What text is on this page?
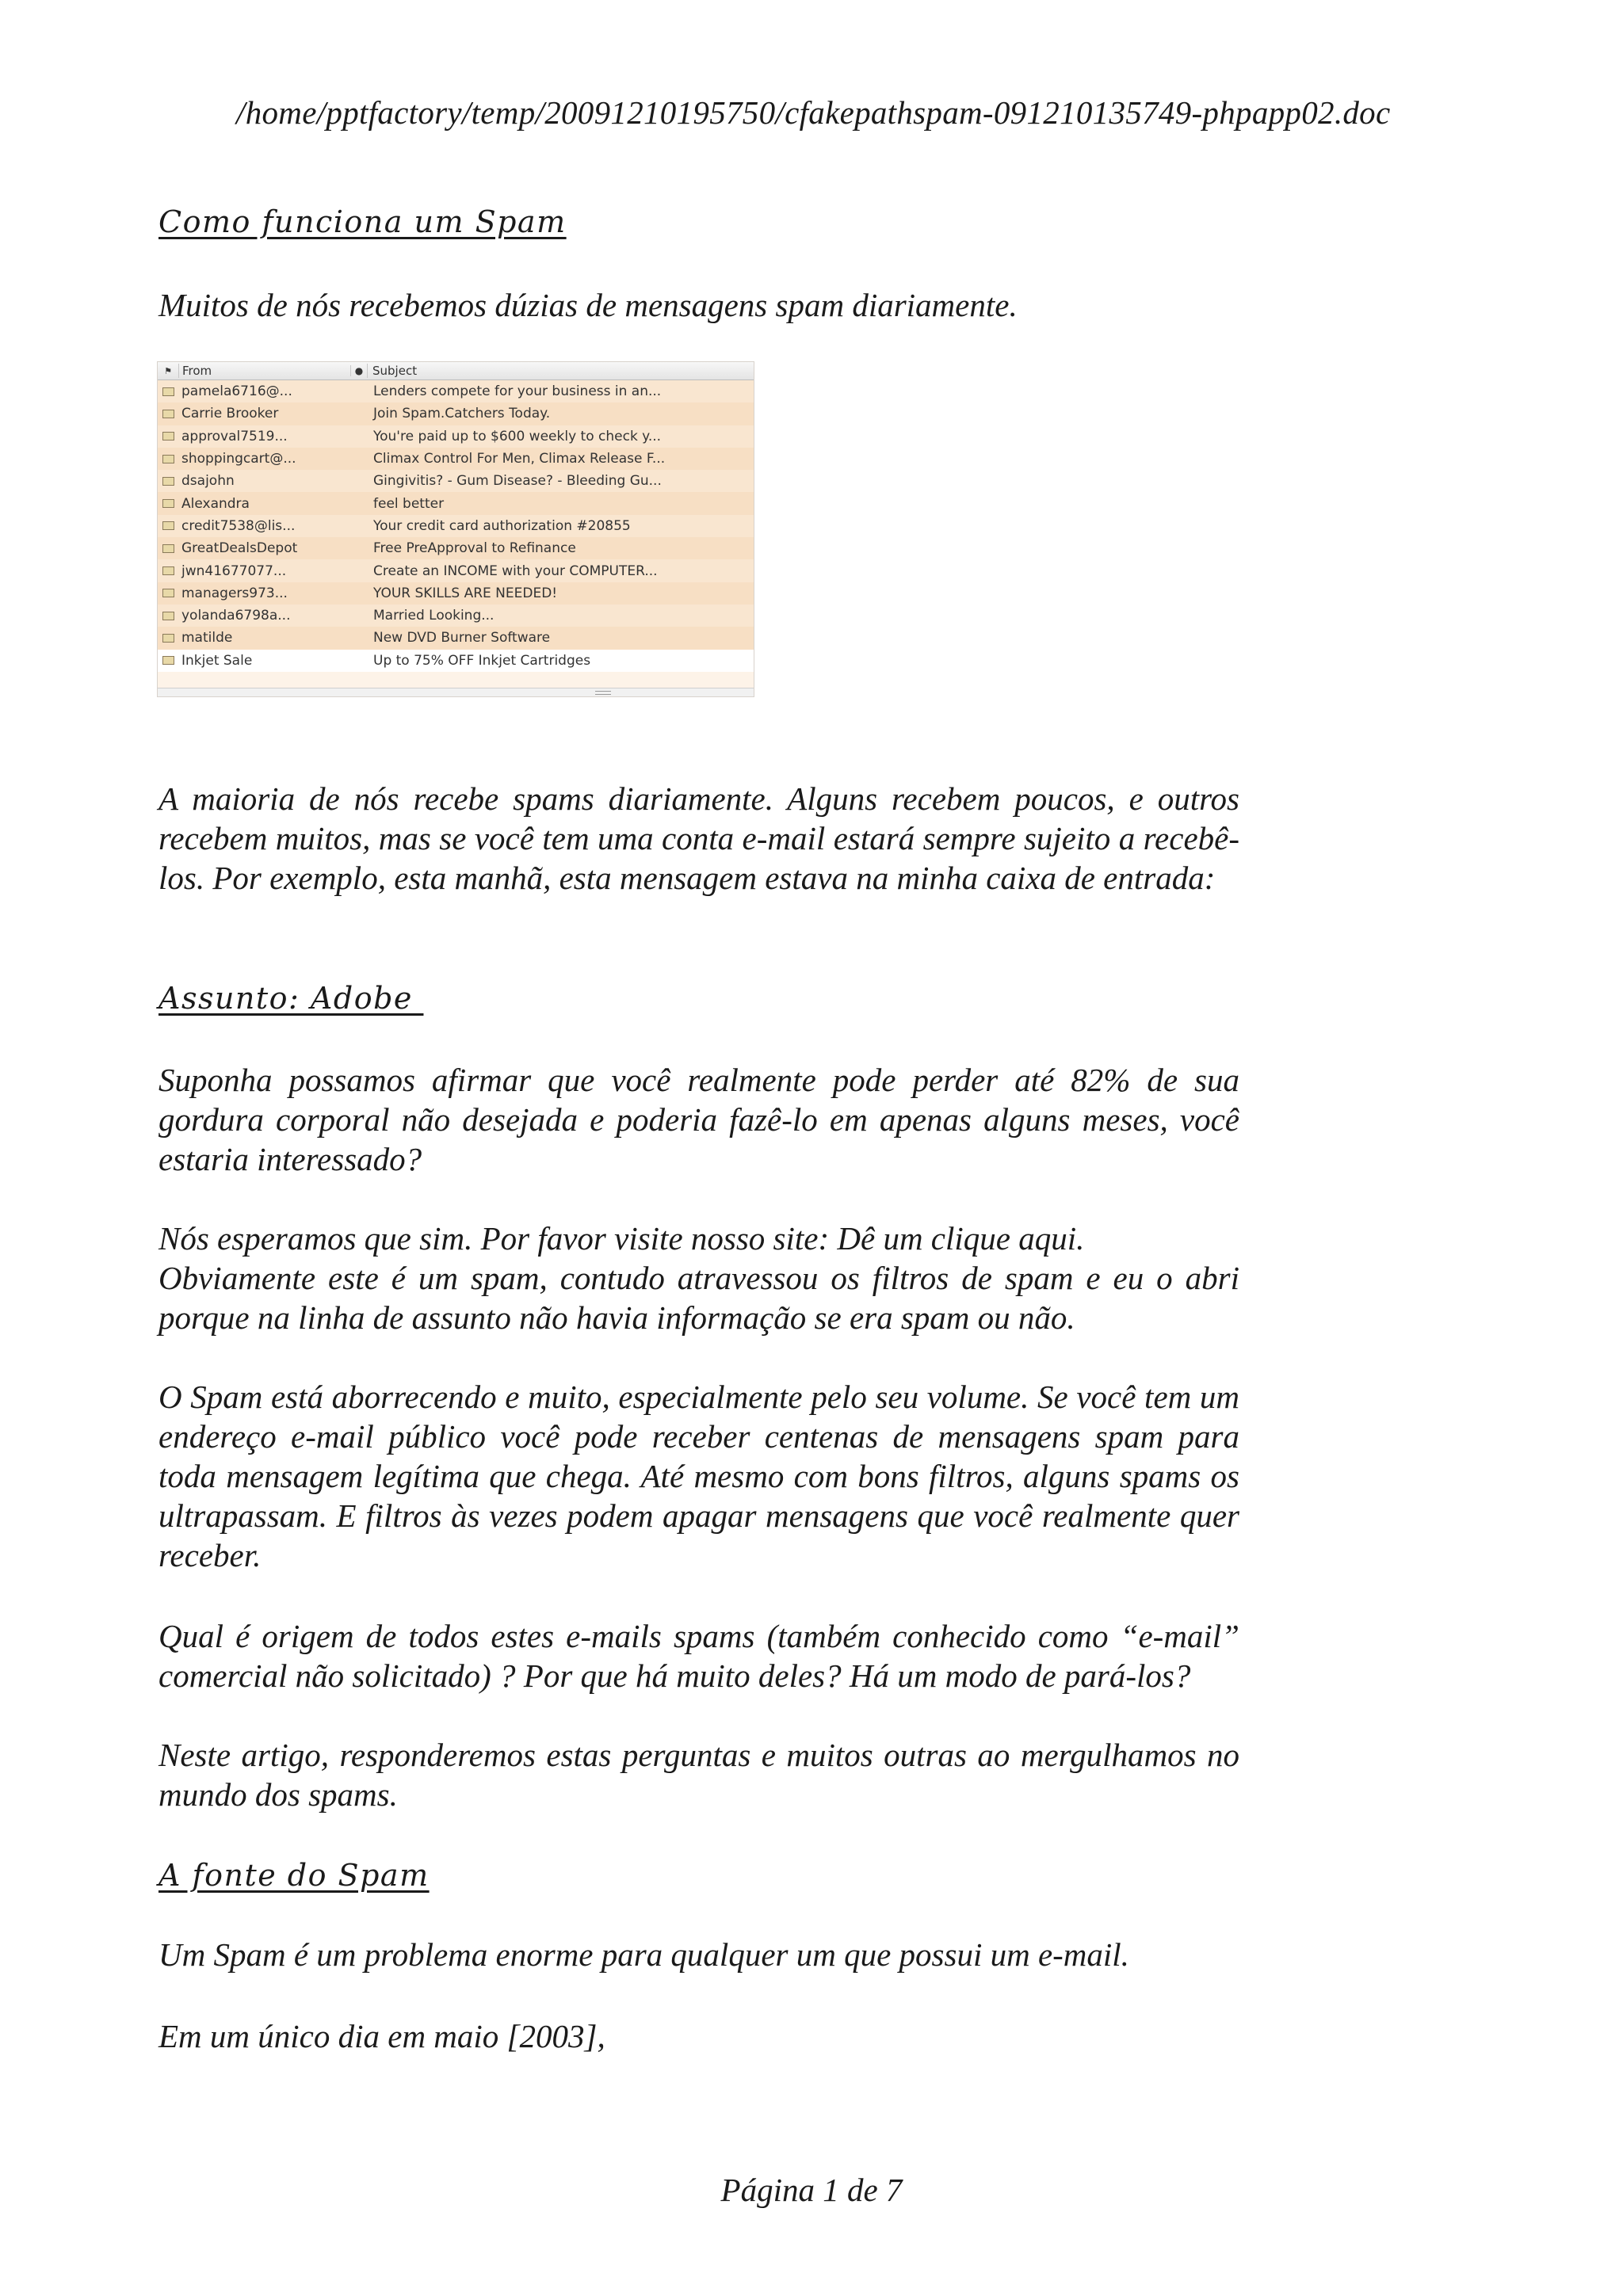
/home/pptfactory/temp/20091210195750/cfakepathspam-091210135749-phpapp02.doc
Como funciona um Spam
Muitos de nós recebemos dúzias de mensagens spam diariamente.
⚑ From	● Subject
pamela6716@...	Lenders compete for your business in an...
Carrie Brooker	Join Spam.Catchers Today.
approval7519...	You're paid up to $600 weekly to check y...
shoppingcart@...	Climax Control For Men, Climax Release F...
dsajohn	Gingivitis? - Gum Disease? - Bleeding Gu...
Alexandra	feel better
credit7538@lis...	Your credit card authorization #20855
GreatDealsDepot	Free PreApproval to Refinance
jwn41677077...	Create an INCOME with your COMPUTER...
managers973...	YOUR SKILLS ARE NEEDED!
yolanda6798a...	Married Looking...
matilde	New DVD Burner Software
Inkjet Sale	Up to 75% OFF Inkjet Cartridges
A maioria de nós recebe spams diariamente. Alguns recebem poucos, e outros recebem muitos, mas se você tem uma conta e-mail estará sempre sujeito a recebê-los. Por exemplo, esta manhã, esta mensagem estava na minha caixa de entrada:
Assunto: Adobe
Suponha possamos afirmar que você realmente pode perder até 82% de sua gordura corporal não desejada e poderia fazê-lo em apenas alguns meses, você estaria interessado?
Nós esperamos que sim. Por favor visite nosso site: Dê um clique aqui.
Obviamente este é um spam, contudo atravessou os filtros de spam e eu o abri porque na linha de assunto não havia informação se era spam ou não.
O Spam está aborrecendo e muito, especialmente pelo seu volume. Se você tem um endereço e-mail público você pode receber centenas de mensagens spam para toda mensagem legítima que chega. Até mesmo com bons filtros, alguns spams os ultrapassam. E filtros às vezes podem apagar mensagens que você realmente quer receber.
Qual é origem de todos estes e-mails spams (também conhecido como “e-mail” comercial não solicitado) ? Por que há muito deles? Há um modo de pará-los?
Neste artigo, responderemos estas perguntas e muitos outras ao mergulhamos no mundo dos spams.
A fonte do Spam
Um Spam é um problema enorme para qualquer um que possui um e-mail.
Em um único dia em maio [2003],
Página 1 de 7
